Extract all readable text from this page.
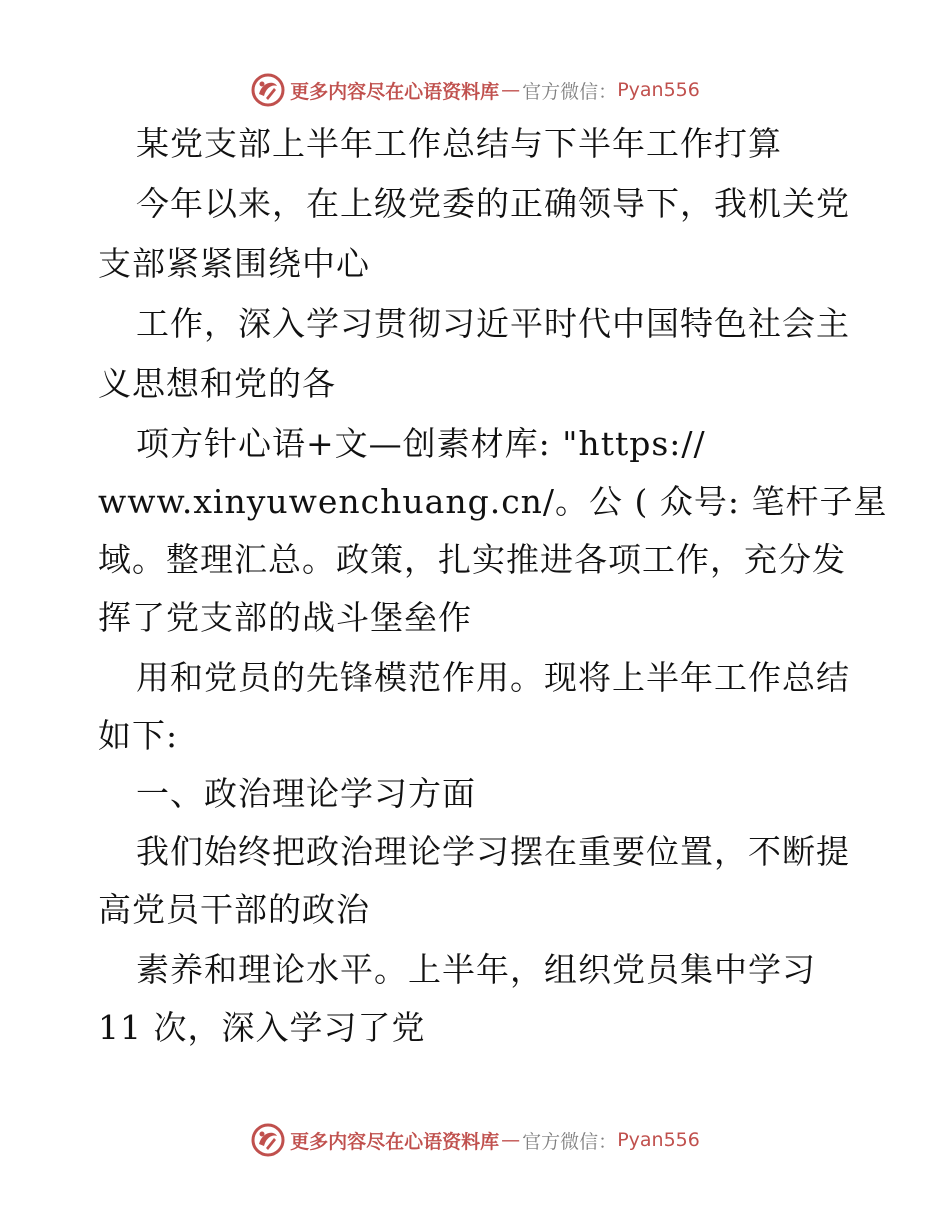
更多内容尽在心语资料库 — 官方微信： Pyan556
某党支部上半年工作总结与下半年工作打算
今年以来，在上级党委的正确领导下，我机关党
支部紧紧围绕中心
工作，深入学习贯彻习近平时代中国特色社会主
义思想和党的各
项方针心语+文—创素材库: "https://
www.xinyuwenchuang.cn/。公 ( 众号: 笔杆子星
域。整理汇总。政策，扎实推进各项工作，充分发
挥了党支部的战斗堡垒作
用和党员的先锋模范作用。现将上半年工作总结
如下:
一、政治理论学习方面
我们始终把政治理论学习摆在重要位置，不断提
高党员干部的政治
素养和理论水平。上半年，组织党员集中学习
11 次，深入学习了党
更多内容尽在心语资料库 — 官方微信： Pyan556
